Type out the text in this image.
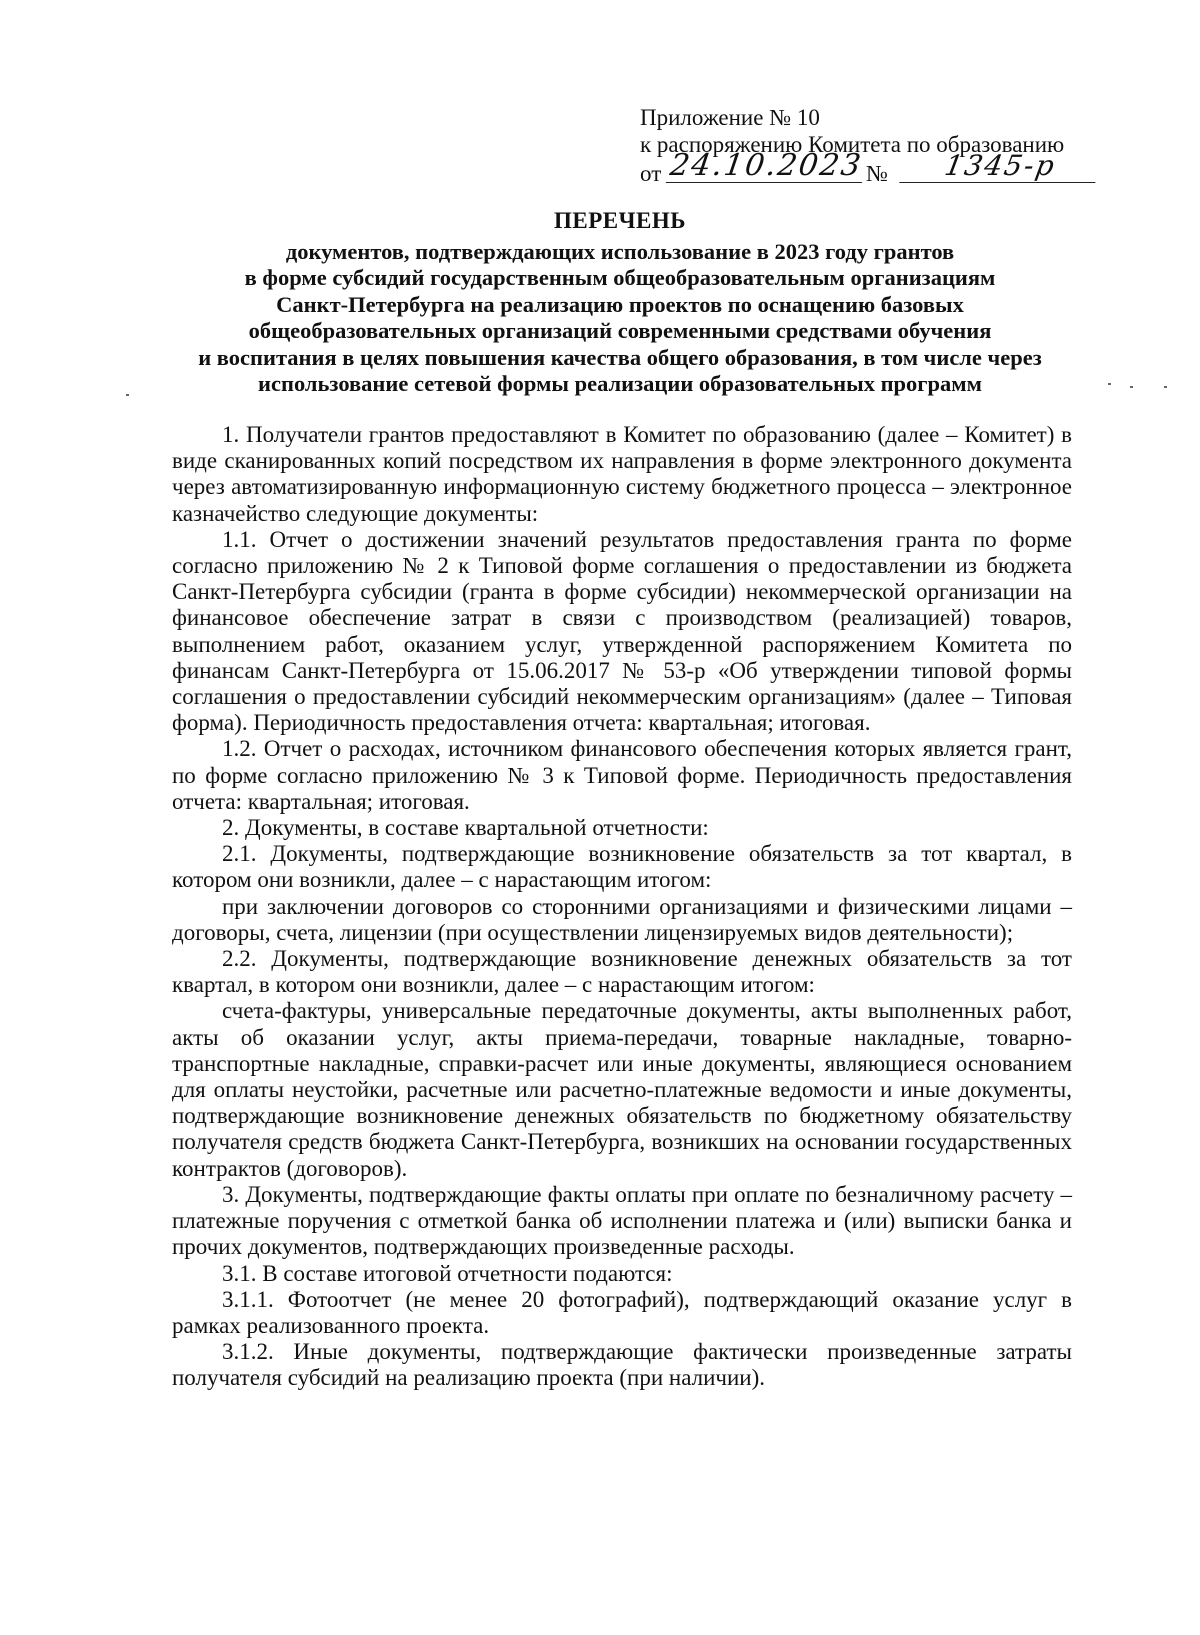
Приложение № 10
к распоряжению Комитета по образованию
от 24.10.2023 №	1345-р
ПЕРЕЧЕНЬ
документов, подтверждающих использование в 2023 году грантов
в форме субсидий государственным общеобразовательным организациям
Санкт-Петербурга на реализацию проектов по оснащению базовых
общеобразовательных организаций современными средствами обучения
и воспитания в целях повышения качества общего образования, в том числе через
использование сетевой формы реализации образовательных программ

1. Получатели грантов предоставляют в Комитет по образованию (далее – Комитет) в виде сканированных копий посредством их направления в форме электронного документа через автоматизированную информационную систему бюджетного процесса – электронное казначейство следующие документы:

1.1. Отчет о достижении значений результатов предоставления гранта по форме согласно приложению № 2 к Типовой форме соглашения о предоставлении из бюджета Санкт-Петербурга субсидии (гранта в форме субсидии) некоммерческой организации на финансовое обеспечение затрат в связи с производством (реализацией) товаров, выполнением работ, оказанием услуг, утвержденной распоряжением Комитета по финансам Санкт-Петербурга от 15.06.2017 № 53-р «Об утверждении типовой формы соглашения о предоставлении субсидий некоммерческим организациям» (далее – Типовая форма). Периодичность предоставления отчета: квартальная; итоговая.

1.2. Отчет о расходах, источником финансового обеспечения которых является грант, по форме согласно приложению № 3 к Типовой форме. Периодичность предоставления отчета: квартальная; итоговая.

2. Документы, в составе квартальной отчетности:

2.1. Документы, подтверждающие возникновение обязательств за тот квартал, в котором они возникли, далее – с нарастающим итогом:

при заключении договоров со сторонними организациями и физическими лицами – договоры, счета, лицензии (при осуществлении лицензируемых видов деятельности);

2.2. Документы, подтверждающие возникновение денежных обязательств за тот квартал, в котором они возникли, далее – с нарастающим итогом:

счета-фактуры, универсальные передаточные документы, акты выполненных работ, акты об оказании услуг, акты приема-передачи, товарные накладные, товарно-транспортные накладные, справки-расчет или иные документы, являющиеся основанием для оплаты неустойки, расчетные или расчетно-платежные ведомости и иные документы, подтверждающие возникновение денежных обязательств по бюджетному обязательству получателя средств бюджета Санкт-Петербурга, возникших на основании государственных контрактов (договоров).

3. Документы, подтверждающие факты оплаты при оплате по безналичному расчету – платежные поручения с отметкой банка об исполнении платежа и (или) выписки банка и прочих документов, подтверждающих произведенные расходы.

3.1. В составе итоговой отчетности подаются:

3.1.1. Фотоотчет (не менее 20 фотографий), подтверждающий оказание услуг в рамках реализованного проекта.

3.1.2. Иные документы, подтверждающие фактически произведенные затраты получателя субсидий на реализацию проекта (при наличии).
